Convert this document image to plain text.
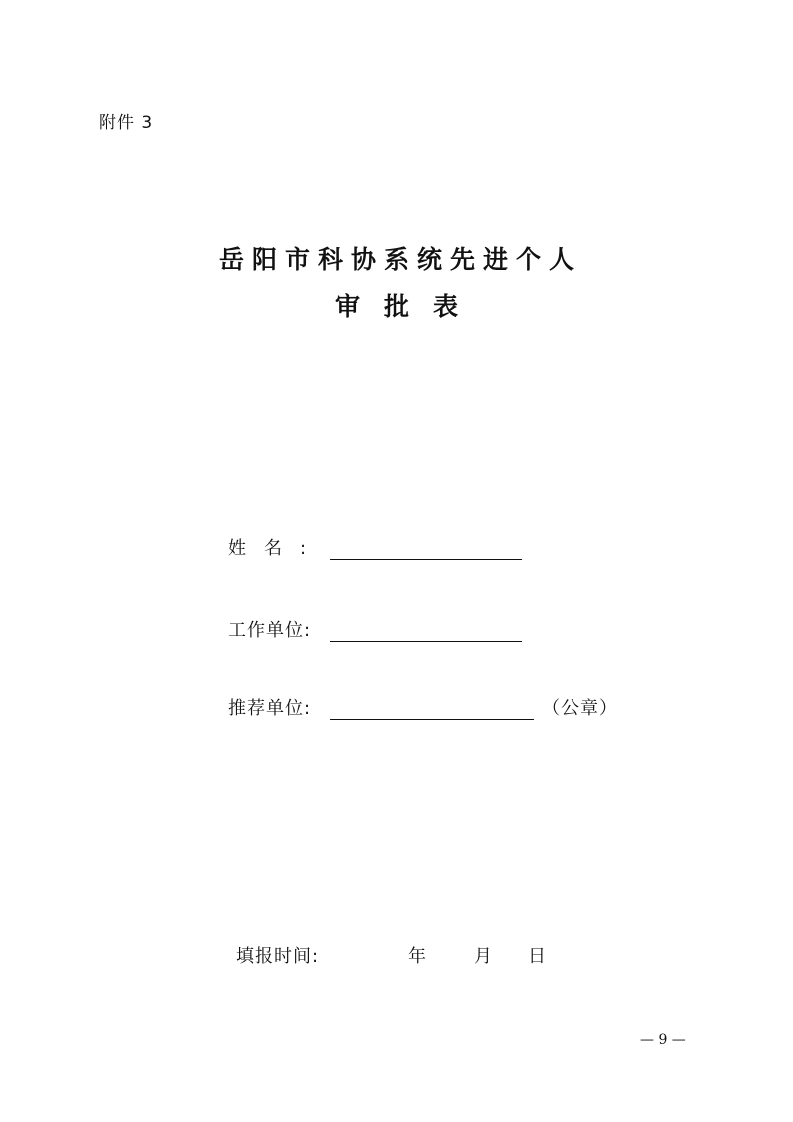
附件 3
岳阳市科协系统先进个人
审批表
姓名:
工作单位:
推荐单位:	（公章）
填报时间:	年	月	日
— 9 —
